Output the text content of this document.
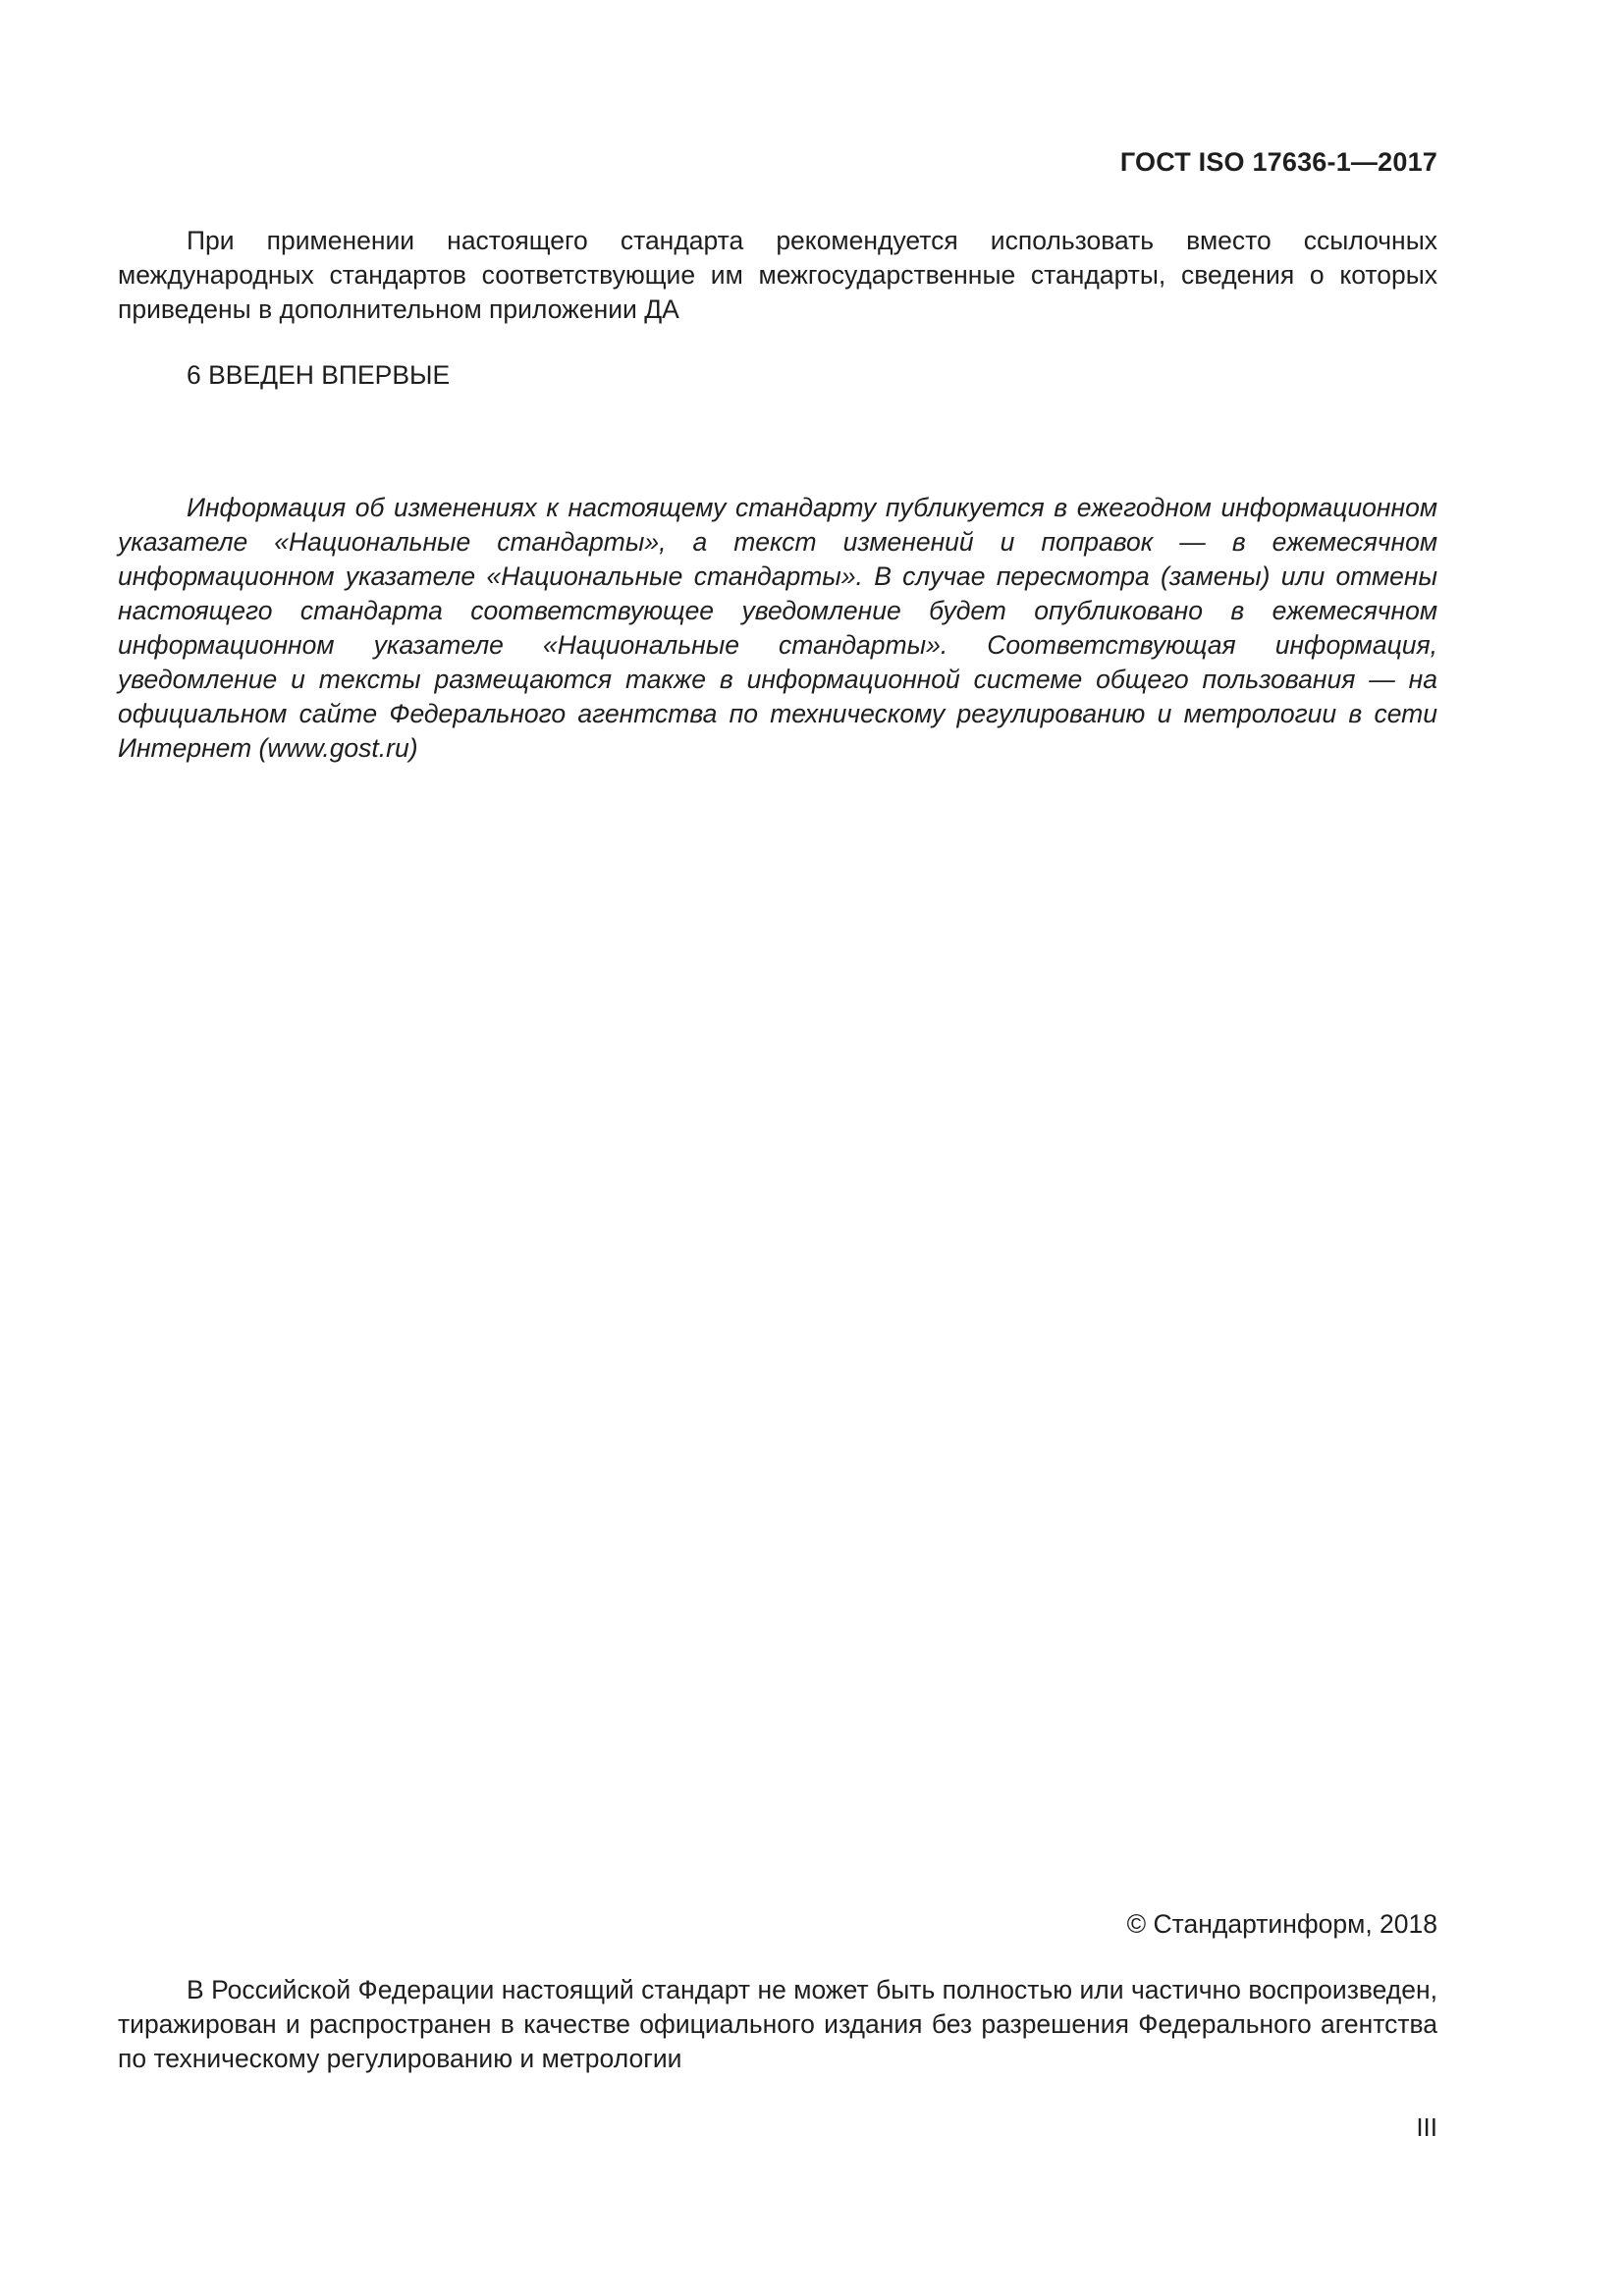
ГОСТ ISO 17636-1—2017

При применении настоящего стандарта рекомендуется использовать вместо ссылочных международных стандартов соответствующие им межгосударственные стандарты, сведения о которых приведены в дополнительном приложении ДА

6 ВВЕДЕН ВПЕРВЫЕ

Информация об изменениях к настоящему стандарту публикуется в ежегодном информационном указателе «Национальные стандарты», а текст изменений и поправок — в ежемесячном информационном указателе «Национальные стандарты». В случае пересмотра (замены) или отмены настоящего стандарта соответствующее уведомление будет опубликовано в ежемесячном информационном указателе «Национальные стандарты». Соответствующая информация, уведомление и тексты размещаются также в информационной системе общего пользования — на официальном сайте Федерального агентства по техническому регулированию и метрологии в сети Интернет (www.gost.ru)

© Стандартинформ, 2018

В Российской Федерации настоящий стандарт не может быть полностью или частично воспроизведен, тиражирован и распространен в качестве официального издания без разрешения Федерального агентства по техническому регулированию и метрологии

III
